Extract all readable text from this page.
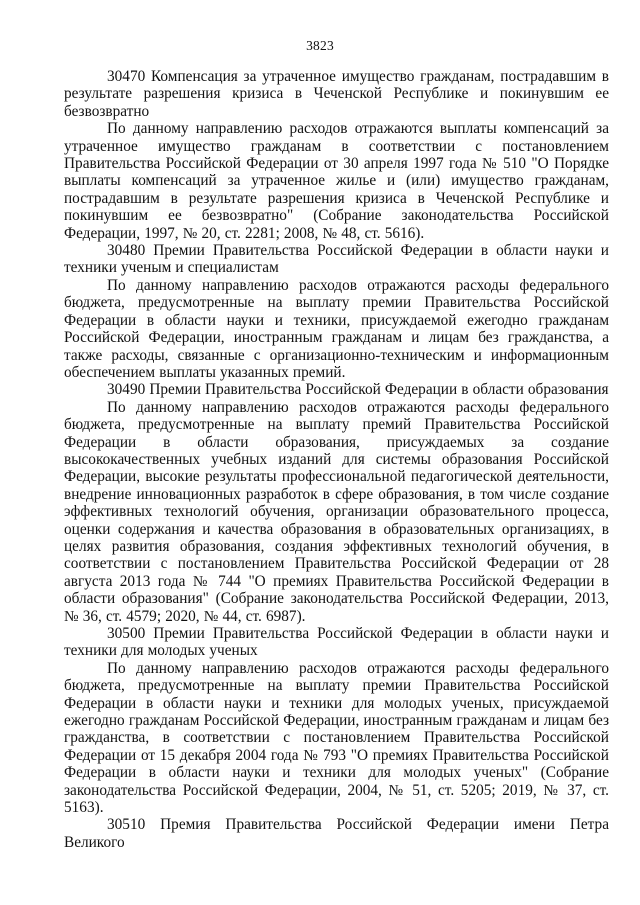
3823

30470 Компенсация за утраченное имущество гражданам, пострадавшим в результате разрешения кризиса в Чеченской Республике и покинувшим ее безвозвратно

По данному направлению расходов отражаются выплаты компенсаций за утраченное имущество гражданам в соответствии с постановлением Правительства Российской Федерации от 30 апреля 1997 года № 510 "О Порядке выплаты компенсаций за утраченное жилье и (или) имущество гражданам, пострадавшим в результате разрешения кризиса в Чеченской Республике и покинувшим ее безвозвратно" (Собрание законодательства Российской Федерации, 1997, № 20, ст. 2281; 2008, № 48, ст. 5616).

30480 Премии Правительства Российской Федерации в области науки и техники ученым и специалистам

По данному направлению расходов отражаются расходы федерального бюджета, предусмотренные на выплату премии Правительства Российской Федерации в области науки и техники, присуждаемой ежегодно гражданам Российской Федерации, иностранным гражданам и лицам без гражданства, а также расходы, связанные с организационно-техническим и информационным обеспечением выплаты указанных премий.

30490 Премии Правительства Российской Федерации в области образования

По данному направлению расходов отражаются расходы федерального бюджета, предусмотренные на выплату премий Правительства Российской Федерации в области образования, присуждаемых за создание высококачественных учебных изданий для системы образования Российской Федерации, высокие результаты профессиональной педагогической деятельности, внедрение инновационных разработок в сфере образования, в том числе создание эффективных технологий обучения, организации образовательного процесса, оценки содержания и качества образования в образовательных организациях, в целях развития образования, создания эффективных технологий обучения, в соответствии с постановлением Правительства Российской Федерации от 28 августа 2013 года № 744 "О премиях Правительства Российской Федерации в области образования" (Собрание законодательства Российской Федерации, 2013, № 36, ст. 4579; 2020, № 44, ст. 6987).

30500 Премии Правительства Российской Федерации в области науки и техники для молодых ученых

По данному направлению расходов отражаются расходы федерального бюджета, предусмотренные на выплату премии Правительства Российской Федерации в области науки и техники для молодых ученых, присуждаемой ежегодно гражданам Российской Федерации, иностранным гражданам и лицам без гражданства, в соответствии с постановлением Правительства Российской Федерации от 15 декабря 2004 года № 793 "О премиях Правительства Российской Федерации в области науки и техники для молодых ученых" (Собрание законодательства Российской Федерации, 2004, № 51, ст. 5205; 2019, № 37, ст. 5163).

30510 Премия Правительства Российской Федерации имени Петра Великого
